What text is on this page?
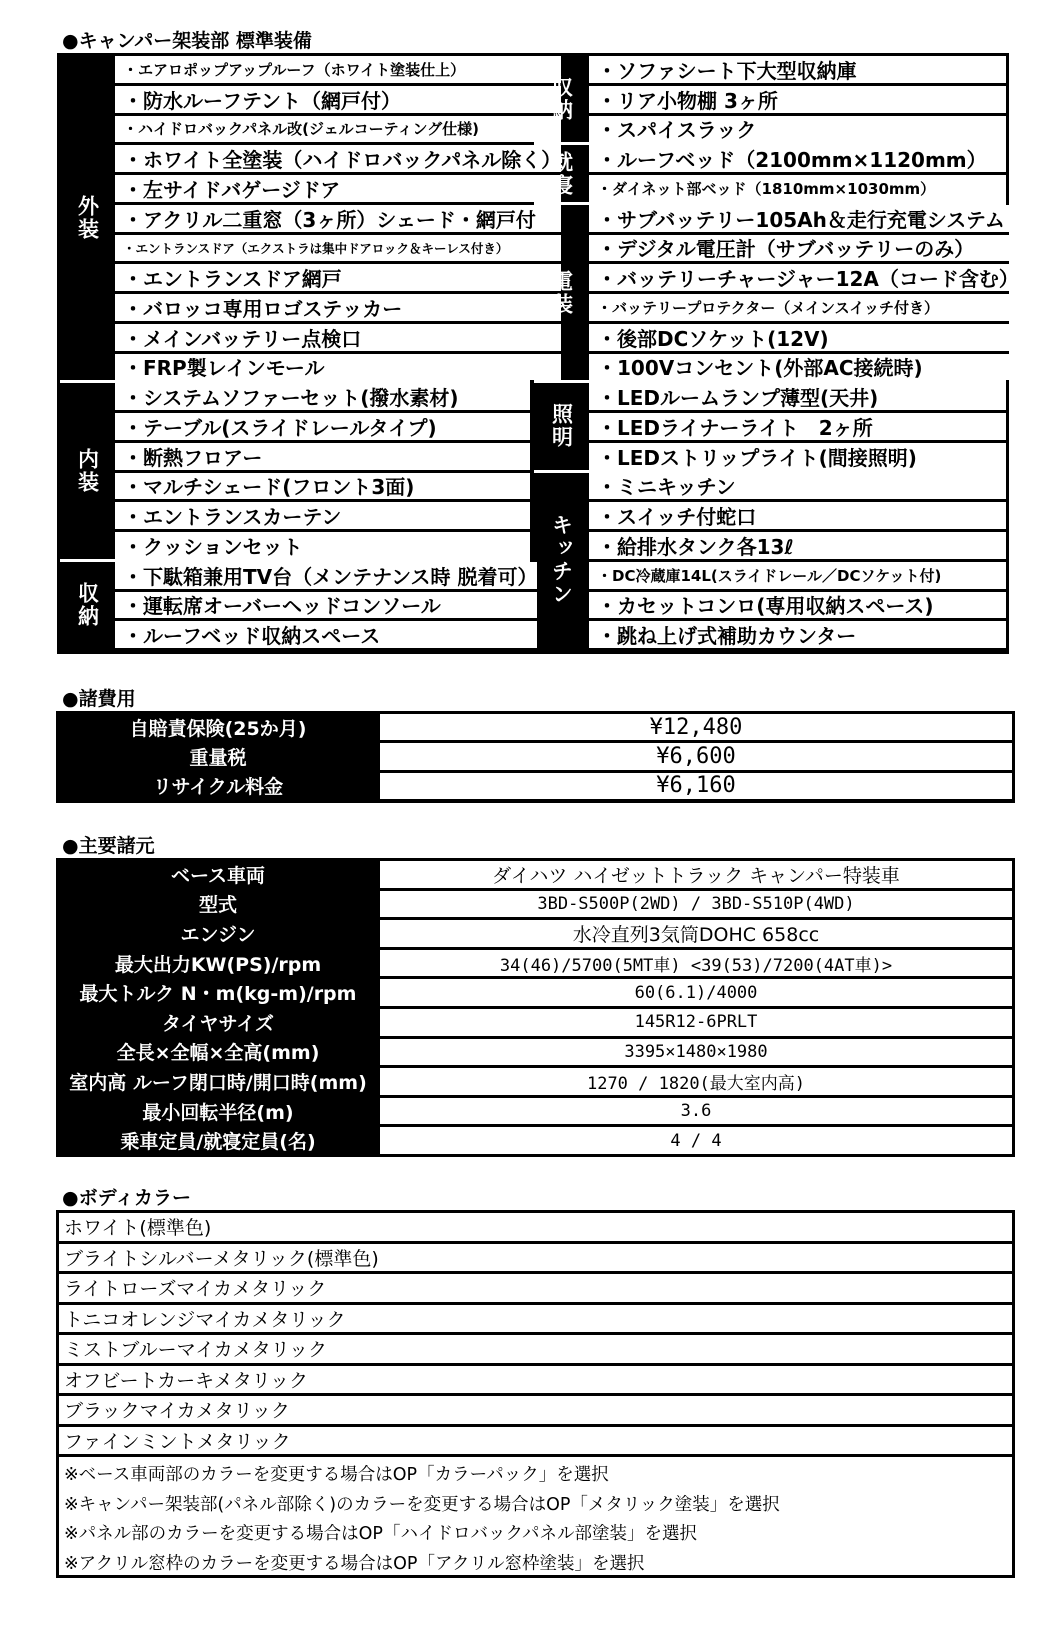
●キャンパー架装部 標準装備
外装
・エアロポップアップルーフ（ホワイト塗装仕上）
・防水ルーフテント（網戸付）
・ハイドロバックパネル改(ジェルコーティング仕様)
・ホワイト全塗装（ハイドロバックパネル除く）
・左サイドバゲージドア
・アクリル二重窓（3ヶ所）シェード・網戸付
・エントランスドア（エクストラは集中ドアロック＆キーレス付き）
・エントランスドア網戸
・バロッコ専用ロゴステッカー
・メインバッテリー点検口
・FRP製レインモール
内装
・システムソファーセット(撥水素材)
・テーブル(スライドレールタイプ)
・断熱フロアー
・マルチシェード(フロント3面)
・エントランスカーテン
・クッションセット
収納
・下駄箱兼用TV台（メンテナンス時 脱着可）
・運転席オーバーヘッドコンソール
・ルーフベッド収納スペース
収納
・ソファシート下大型収納庫
・リア小物棚 3ヶ所
・スパイスラック
就寝	・ルーフベッド（2100mm×1120mm）
・ダイネット部ベッド（1810mm×1030mm）
電装
・サブバッテリー105Ah＆走行充電システム
・デジタル電圧計（サブバッテリーのみ）
・バッテリーチャージャー12A（コード含む）
・バッテリープロテクター（メインスイッチ付き）
・後部DCソケット(12V)
・100Vコンセント(外部AC接続時)
照明
・LEDルームランプ薄型(天井)
・LEDライナーライト　2ヶ所
・LEDストリップライト(間接照明)
キッチン
・ミニキッチン
・スイッチ付蛇口
・給排水タンク各13ℓ
・DC冷蔵庫14L(スライドレール／DCソケット付)
・カセットコンロ(専用収納スペース)
・跳ね上げ式補助カウンター
●諸費用
自賠責保険(25か月)	¥12,480
重量税	¥6,600
リサイクル料金	¥6,160
●主要諸元
ベース車両	ダイハツ ハイゼットトラック キャンパー特装車
型式	3BD-S500P(2WD) / 3BD-S510P(4WD)
エンジン	水冷直列3気筒DOHC 658cc
最大出力KW(PS)/rpm	34(46)/5700(5MT車) <39(53)/7200(4AT車)>
最大トルク N・m(kg-m)/rpm	60(6.1)/4000
タイヤサイズ	145R12-6PRLT
全長×全幅×全高(mm)	3395×1480×1980
室内高 ルーフ閉口時/開口時(mm)	1270 / 1820(最大室内高)
最小回転半径(m)	3.6
乗車定員/就寝定員(名)	4 / 4
●ボディカラー
ホワイト(標準色)
ブライトシルバーメタリック(標準色)
ライトローズマイカメタリック
トニコオレンジマイカメタリック
ミストブルーマイカメタリック
オフビートカーキメタリック
ブラックマイカメタリック
ファインミントメタリック
※ベース車両部のカラーを変更する場合はOP「カラーパック」を選択
※キャンパー架装部(パネル部除く)のカラーを変更する場合はOP「メタリック塗装」を選択
※パネル部のカラーを変更する場合はOP「ハイドロバックパネル部塗装」を選択
※アクリル窓枠のカラーを変更する場合はOP「アクリル窓枠塗装」を選択
